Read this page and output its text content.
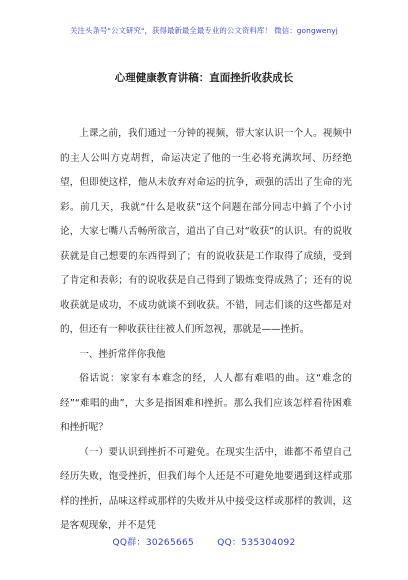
关注头条号"公文研究"，获得最新最全最专业的公文资料库！ 微信：gongwenyj
心理健康教育讲稿：直面挫折收获成长

上课之前，我们通过一分钟的视频，带大家认识一个人。视频中的主人公叫方克胡哲，命运决定了他的一生必将充满坎坷、历经绝望，但即使这样，他从未放弃对命运的抗争，顽强的活出了生命的光彩。前几天，我就“什么是收获”这个问题在部分同志中搞了个小讨论，大家七嘴八舌畅所欲言，道出了自己对“收获”的认识。有的说收获就是自己想要的东西得到了；有的说收获是工作取得了成绩，受到了肯定和表彰；有的说收获是自己得到了锻炼变得成熟了；还有的说收获就是成功，不成功就谈不到收获。不错，同志们谈的这些都是对的，但还有一种收获往往被人们所忽视，那就是——挫折。

一、挫折常伴你我他

俗话说：家家有本难念的经，人人都有难唱的曲。这“难念的经”“难唱的曲”，大多是指困难和挫折。那么我们应该怎样看待困难和挫折呢？

（一）要认识到挫折不可避免。在现实生活中，谁都不希望自己经历失败，饱受挫折，但我们每个人还是不可避免地要遇到这样或那样的挫折，品味这样或那样的失败并从中接受这样或那样的教训，这是客观现象，并不是凭

QQ群：30265665	QQ：535304092
